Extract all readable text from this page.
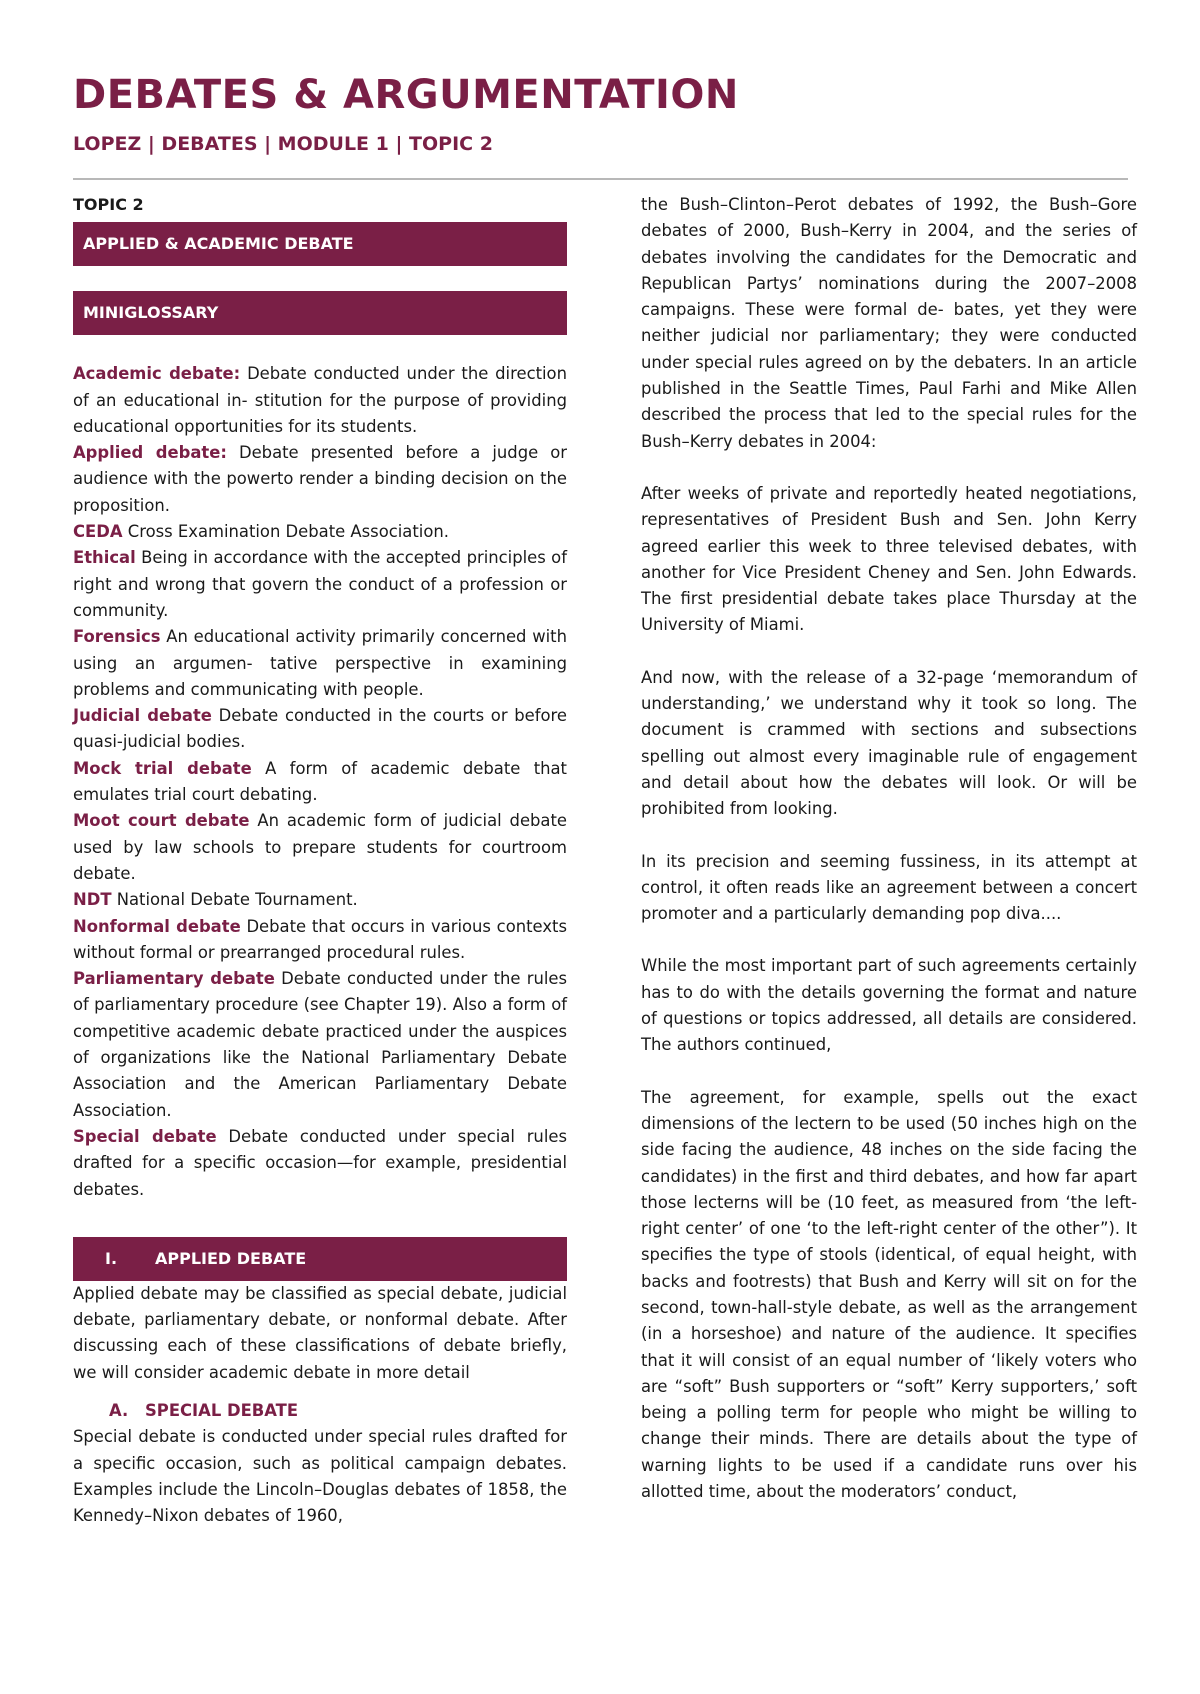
DEBATES & ARGUMENTATION
LOPEZ | DEBATES | MODULE 1 | TOPIC 2

TOPIC 2

APPLIED & ACADEMIC DEBATE
MINIGLOSSARY

Academic debate: Debate conducted under the direction of an educational in- stitution for the purpose of providing educational opportunities for its students.

Applied debate: Debate presented before a judge or audience with the powerto render a binding decision on the proposition.

CEDA Cross Examination Debate Association.

Ethical Being in accordance with the accepted principles of right and wrong that govern the conduct of a profession or community.

Forensics An educational activity primarily concerned with using an argumen- tative perspective in examining problems and communicating with people.

Judicial debate Debate conducted in the courts or before quasi-judicial bodies.

Mock trial debate A form of academic debate that emulates trial court debating.

Moot court debate An academic form of judicial debate used by law schools to prepare students for courtroom debate.

NDT National Debate Tournament.

Nonformal debate Debate that occurs in various contexts without formal or prearranged procedural rules.

Parliamentary debate Debate conducted under the rules of parliamentary procedure (see Chapter 19). Also a form of competitive academic debate practiced under the auspices of organizations like the National Parliamentary Debate Association and the American Parliamentary Debate Association.

Special debate Debate conducted under special rules drafted for a specific occasion—for example, presidential debates.

I. APPLIED DEBATE

Applied debate may be classified as special debate, judicial debate, parliamentary debate, or nonformal debate. After discussing each of these classifications of debate briefly, we will consider academic debate in more detail

A. SPECIAL DEBATE

Special debate is conducted under special rules drafted for a specific occasion, such as political campaign debates. Examples include the Lincoln–Douglas debates of 1858, the Kennedy–Nixon debates of 1960,

the Bush–Clinton–Perot debates of 1992, the Bush–Gore debates of 2000, Bush–Kerry in 2004, and the series of debates involving the candidates for the Democratic and Republican Partys’ nominations during the 2007–2008 campaigns. These were formal de- bates, yet they were neither judicial nor parliamentary; they were conducted under special rules agreed on by the debaters. In an article published in the Seattle Times, Paul Farhi and Mike Allen described the process that led to the special rules for the Bush–Kerry debates in 2004:

After weeks of private and reportedly heated negotiations, representatives of President Bush and Sen. John Kerry agreed earlier this week to three televised debates, with another for Vice President Cheney and Sen. John Edwards. The first presidential debate takes place Thursday at the University of Miami.

And now, with the release of a 32-page ‘memorandum of understanding,’ we understand why it took so long. The document is crammed with sections and subsections spelling out almost every imaginable rule of engagement and detail about how the debates will look. Or will be prohibited from looking.

In its precision and seeming fussiness, in its attempt at control, it often reads like an agreement between a concert promoter and a particularly demanding pop diva....

While the most important part of such agreements certainly has to do with the details governing the format and nature of questions or topics addressed, all details are considered. The authors continued,

The agreement, for example, spells out the exact dimensions of the lectern to be used (50 inches high on the side facing the audience, 48 inches on the side facing the candidates) in the first and third debates, and how far apart those lecterns will be (10 feet, as measured from ‘the left-right center’ of one ‘to the left-right center of the other”). It specifies the type of stools (identical, of equal height, with backs and footrests) that Bush and Kerry will sit on for the second, town-hall-style debate, as well as the arrangement (in a horseshoe) and nature of the audience. It specifies that it will consist of an equal number of ‘likely voters who are “soft” Bush supporters or “soft” Kerry supporters,’ soft being a polling term for people who might be willing to change their minds. There are details about the type of warning lights to be used if a candidate runs over his allotted time, about the moderators’ conduct,
